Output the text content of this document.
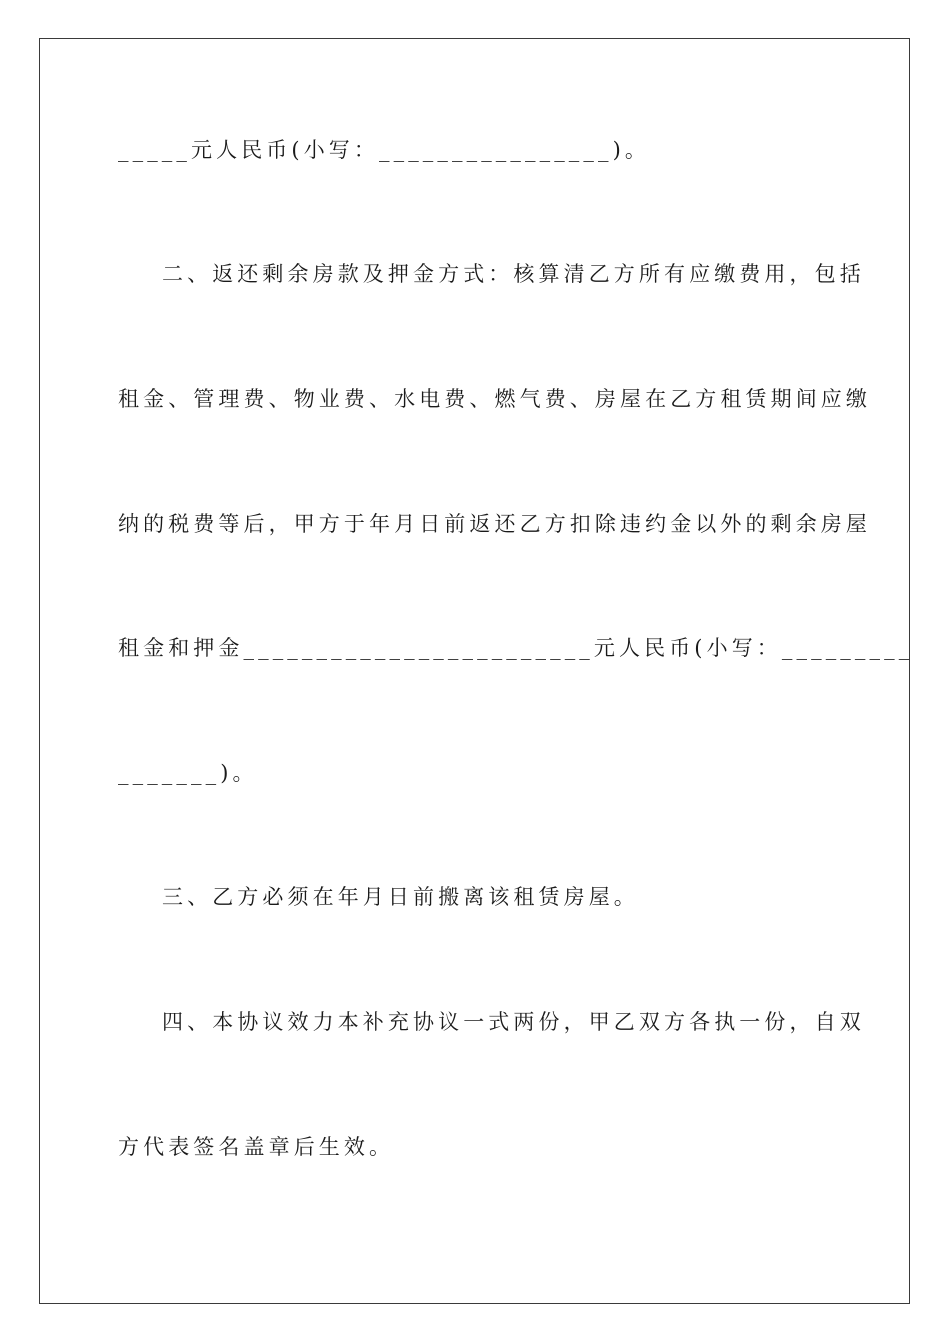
_____元人民币(小写：________________)。
二、返还剩余房款及押金方式：核算清乙方所有应缴费用，包括
租金、管理费、物业费、水电费、燃气费、房屋在乙方租赁期间应缴
纳的税费等后，甲方于年月日前返还乙方扣除违约金以外的剩余房屋
租金和押金________________________元人民币(小写：_________
_______)。
三、乙方必须在年月日前搬离该租赁房屋。
四、本协议效力本补充协议一式两份，甲乙双方各执一份，自双
方代表签名盖章后生效。
